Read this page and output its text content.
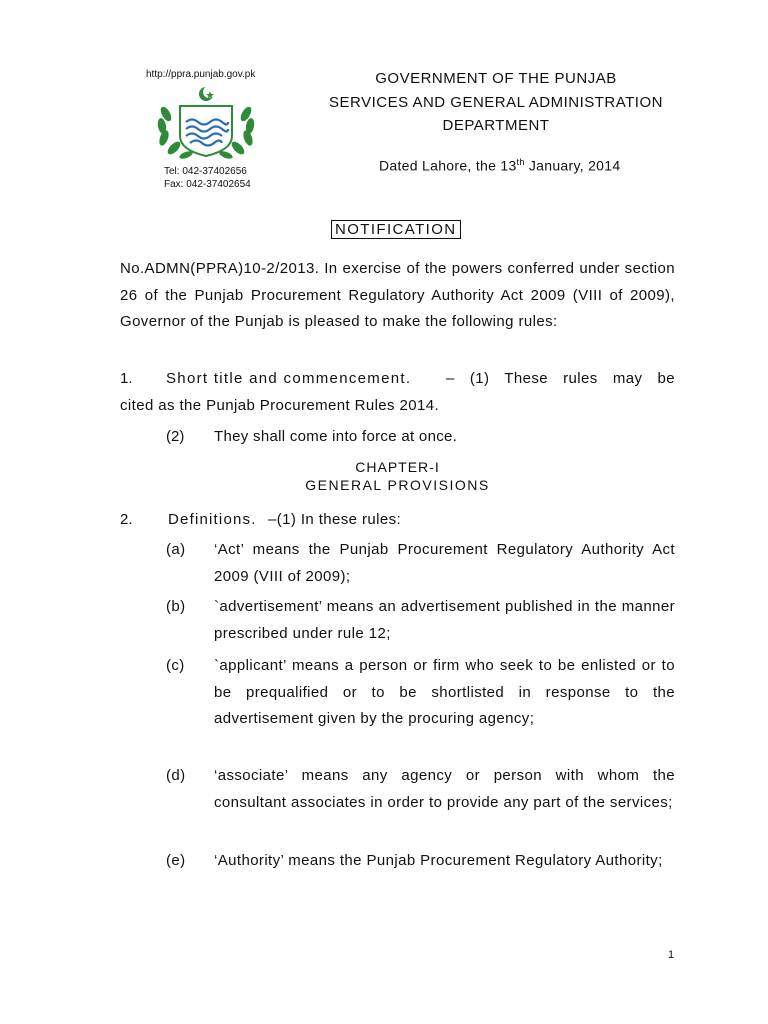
http://ppra.punjab.gov.pk
Tel: 042-37402656
Fax: 042-37402654
GOVERNMENT OF THE PUNJAB
SERVICES AND GENERAL ADMINISTRATION
DEPARTMENT
Dated Lahore, the 13th January, 2014
NOTIFICATION
No.ADMN(PPRA)10-2/2013. In exercise of the powers conferred under section 26 of the Punjab Procurement Regulatory Authority Act 2009 (VIII of 2009), Governor of the Punjab is pleased to make the following rules:
1. Short title and commencement. – (1) These rules may be
cited as the Punjab Procurement Rules 2014.
(2) They shall come into force at once.
CHAPTER-I
GENERAL PROVISIONS
2. Definitions. –(1) In these rules:
(a) ‘Act’ means the Punjab Procurement Regulatory Authority Act 2009 (VIII of 2009);
(b) `advertisement’ means an advertisement published in the manner prescribed under rule 12;
(c) `applicant’ means a person or firm who seek to be enlisted or to be prequalified or to be shortlisted in response to the advertisement given by the procuring agency;
(d) ‘associate’ means any agency or person with whom the consultant associates in order to provide any part of the services;
(e) ‘Authority’ means the Punjab Procurement Regulatory Authority;
1
